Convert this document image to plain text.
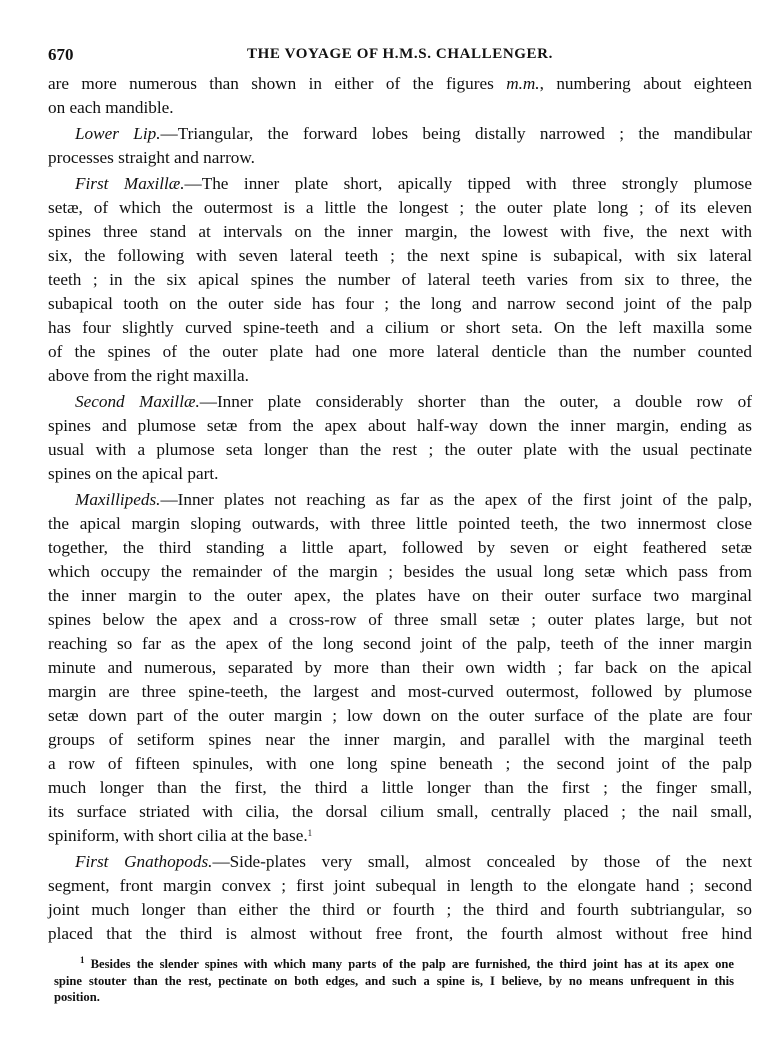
670	THE VOYAGE OF H.M.S. CHALLENGER.
are more numerous than shown in either of the figures m.m., numbering about eighteen
on each mandible.
Lower Lip.—Triangular, the forward lobes being distally narrowed ; the mandibular
processes straight and narrow.
First Maxillæ.—The inner plate short, apically tipped with three strongly plumose
setæ, of which the outermost is a little the longest ; the outer plate long ; of its eleven
spines three stand at intervals on the inner margin, the lowest with five, the next with
six, the following with seven lateral teeth ; the next spine is subapical, with six lateral
teeth ; in the six apical spines the number of lateral teeth varies from six to three, the
subapical tooth on the outer side has four ; the long and narrow second joint of the palp
has four slightly curved spine-teeth and a cilium or short seta. On the left maxilla some
of the spines of the outer plate had one more lateral denticle than the number counted
above from the right maxilla.
Second Maxillæ.—Inner plate considerably shorter than the outer, a double row of
spines and plumose setæ from the apex about half-way down the inner margin, ending as
usual with a plumose seta longer than the rest ; the outer plate with the usual pectinate
spines on the apical part.
Maxillipeds.—Inner plates not reaching as far as the apex of the first joint of the palp,
the apical margin sloping outwards, with three little pointed teeth, the two innermost close
together, the third standing a little apart, followed by seven or eight feathered setæ
which occupy the remainder of the margin ; besides the usual long setæ which pass from
the inner margin to the outer apex, the plates have on their outer surface two marginal
spines below the apex and a cross-row of three small setæ ; outer plates large, but not
reaching so far as the apex of the long second joint of the palp, teeth of the inner margin
minute and numerous, separated by more than their own width ; far back on the apical
margin are three spine-teeth, the largest and most-curved outermost, followed by plumose
setæ down part of the outer margin ; low down on the outer surface of the plate are four
groups of setiform spines near the inner margin, and parallel with the marginal teeth
a row of fifteen spinules, with one long spine beneath ; the second joint of the palp
much longer than the first, the third a little longer than the first ; the finger small,
its surface striated with cilia, the dorsal cilium small, centrally placed ; the nail small,
spiniform, with short cilia at the base.$^1$
First Gnathopods.—Side-plates very small, almost concealed by those of the next
segment, front margin convex ; first joint subequal in length to the elongate hand ; second
joint much longer than either the third or fourth ; the third and fourth subtriangular, so
placed that the third is almost without free front, the fourth almost without free hind
$^1$ Besides the slender spines with which many parts of the palp are furnished, the third joint has at its apex one
spine stouter than the rest, pectinate on both edges, and such a spine is, I believe, by no means unfrequent in this
position.
